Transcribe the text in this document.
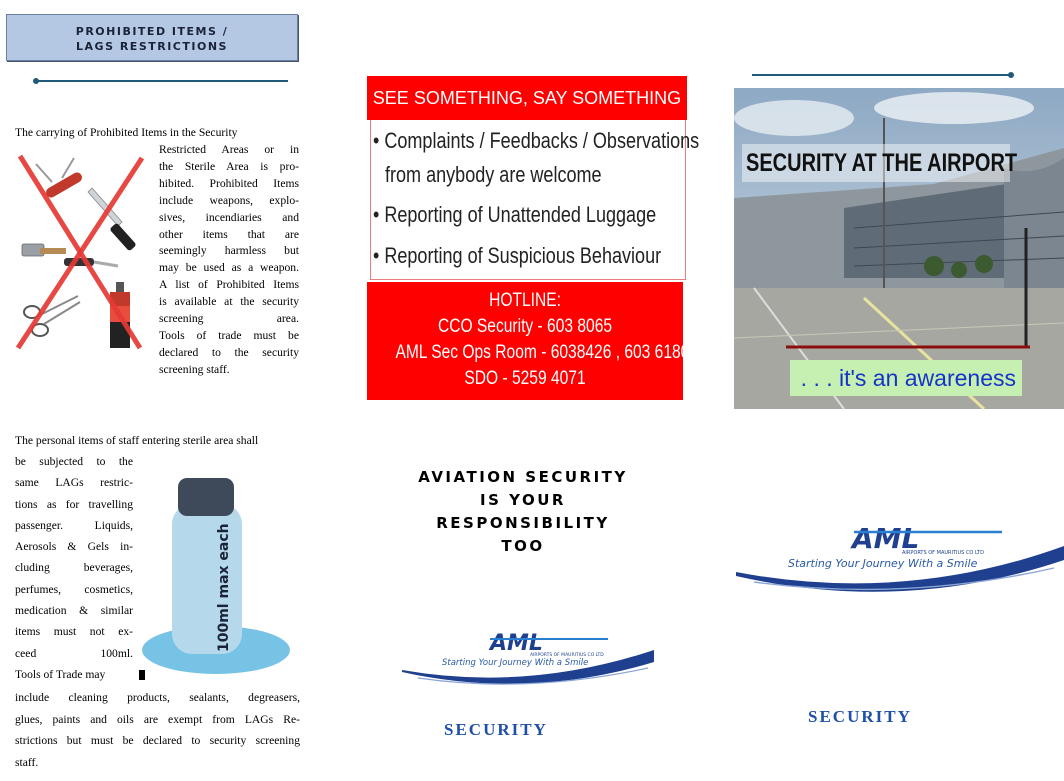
PROHIBITED ITEMS /
LAGS RESTRICTIONS
The carrying of Prohibited Items in the Security
Restricted Areas or in
the Sterile Area is pro-
hibited. Prohibited Items
include weapons, explo-
sives, incendiaries and
other items that are
seemingly harmless but
may be used as a weapon.
A list of Prohibited Items
is available at the security
screening area.
Tools of trade must be
declared to the security
screening staff.
The personal items of staff entering sterile area shall
be subjected to the
same LAGs restric-
tions as for travelling
passenger. Liquids,
Aerosols & Gels in-
cluding beverages,
perfumes, cosmetics,
medication & similar
items must not ex-
ceed 100ml.
Tools of Trade may
include cleaning products, sealants, degreasers,
glues, paints and oils are exempt from LAGs Re-
strictions but must be declared to security screening
staff.
100ml max each
SEE SOMETHING, SAY SOMETHING
• Complaints / Feedbacks / Observations
from anybody are welcome
• Reporting of Unattended Luggage
• Reporting of Suspicious Behaviour
HOTLINE:
CCO Security - 603 8065
AML Sec Ops Room - 6038426 , 603 6180 /90
SDO - 5259 4071
AVIATION SECURITY
IS YOUR
RESPONSIBILITY
TOO
AML
AIRPORTS OF MAURITIUS CO LTD
Starting Your Journey With a Smile
SECURITY
SECURITY AT THE AIRPORT
. . . it's an awareness
AML
AIRPORTS OF MAURITIUS CO LTD
Starting Your Journey With a Smile
SECURITY
